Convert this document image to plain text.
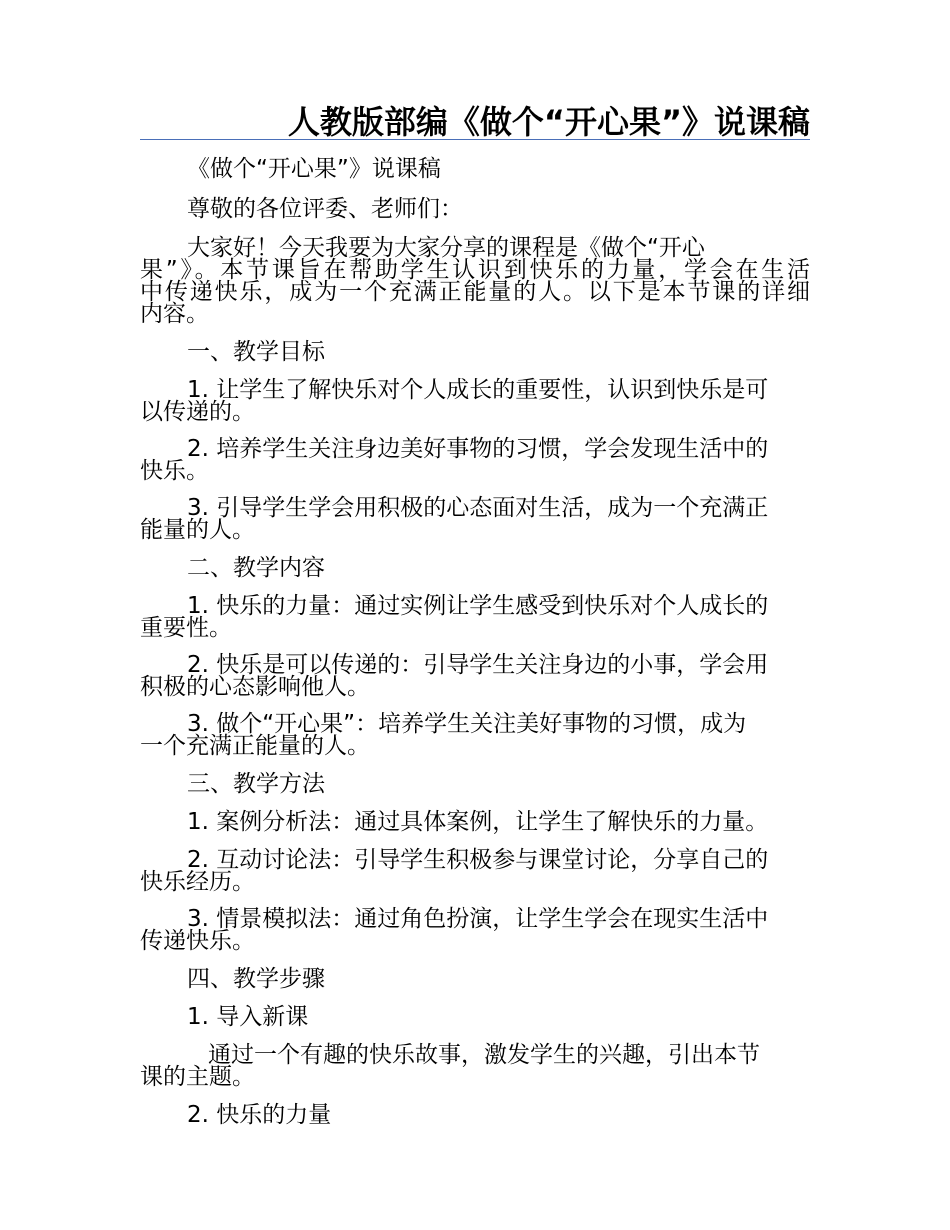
人教版部编《做个“开心果”》说课稿
《做个“开心果”》说课稿
尊敬的各位评委、老师们：
大家好！今天我要为大家分享的课程是《做个“开心
果”》。本节课旨在帮助学生认识到快乐的力量，学会在生活
中传递快乐，成为一个充满正能量的人。以下是本节课的详细
内容。
一、教学目标
1. 让学生了解快乐对个人成长的重要性，认识到快乐是可
以传递的。
2. 培养学生关注身边美好事物的习惯，学会发现生活中的
快乐。
3. 引导学生学会用积极的心态面对生活，成为一个充满正
能量的人。
二、教学内容
1. 快乐的力量：通过实例让学生感受到快乐对个人成长的
重要性。
2. 快乐是可以传递的：引导学生关注身边的小事，学会用
积极的心态影响他人。
3. 做个“开心果”：培养学生关注美好事物的习惯，成为
一个充满正能量的人。
三、教学方法
1. 案例分析法：通过具体案例，让学生了解快乐的力量。
2. 互动讨论法：引导学生积极参与课堂讨论，分享自己的
快乐经历。
3. 情景模拟法：通过角色扮演，让学生学会在现实生活中
传递快乐。
四、教学步骤
1. 导入新课
通过一个有趣的快乐故事，激发学生的兴趣，引出本节
课的主题。
2. 快乐的力量
